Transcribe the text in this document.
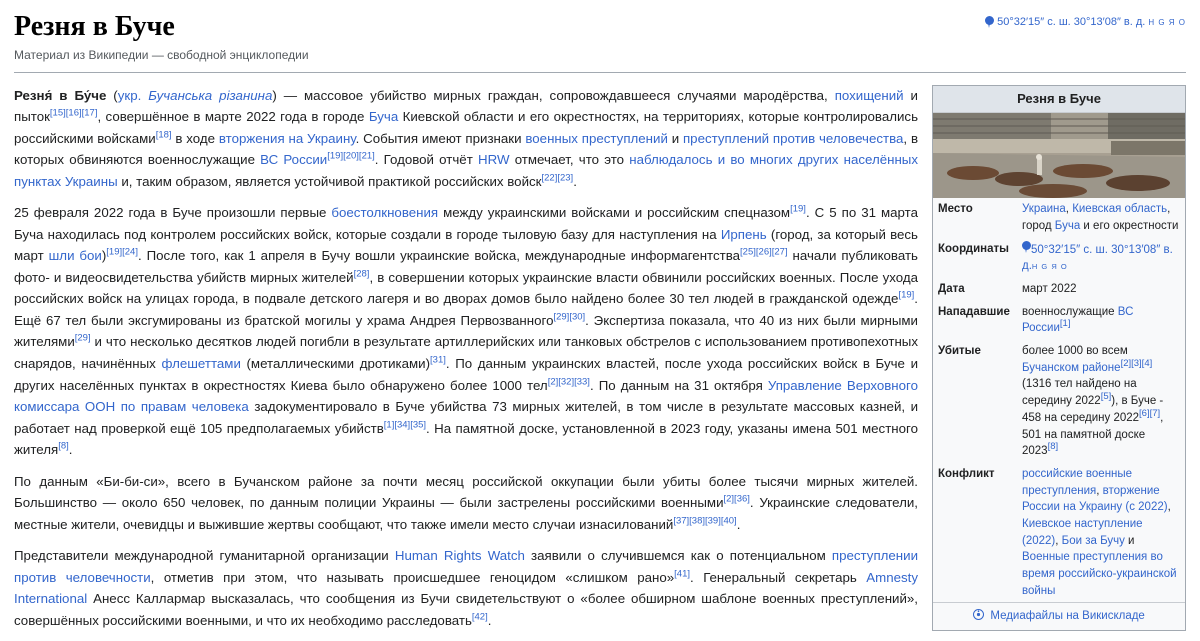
Резня в Буче
Материал из Википедии — свободной энциклопедии
50°32′15″ с. ш. 30°13′08″ в. д. H G Я O

Резня́ в Бу́че (укр. Бучанська різанина) — массовое убийство мирных граждан, сопровождавшееся случаями мародёрства, похищений и пыток[15][16][17], совершённое в марте 2022 года в городе Буча Киевской области и его окрестностях, на территориях, которые контролировались российскими войсками[18] в ходе вторжения на Украину. События имеют признаки военных преступлений и преступлений против человечества, в которых обвиняются военнослужащие ВС России[19][20][21]. Годовой отчёт HRW отмечает, что это наблюдалось и во многих других населённых пунктах Украины и, таким образом, является устойчивой практикой российских войск[22][23].

25 февраля 2022 года в Буче произошли первые боестолкновения между украинскими войсками и российским спецназом[19]. С 5 по 31 марта Буча находилась под контролем российских войск, которые создали в городе тыловую базу для наступления на Ирпень (город, за который весь март шли бои)[19][24]. После того, как 1 апреля в Бучу вошли украинские войска, международные информагентства[25][26][27] начали публиковать фото- и видеосвидетельства убийств мирных жителей[28], в совершении которых украинские власти обвинили российских военных. После ухода российских войск на улицах города, в подвале детского лагеря и во дворах домов было найдено более 30 тел людей в гражданской одежде[19]. Ещё 67 тел были эксгумированы из братской могилы у храма Андрея Первозванного[29][30]. Экспертиза показала, что 40 из них были мирными жителями[29] и что несколько десятков людей погибли в результате артиллерийских или танковых обстрелов с использованием противопехотных снарядов, начинённых флешеттами (металлическими дротиками)[31]. По данным украинских властей, после ухода российских войск в Буче и других населённых пунктах в окрестностях Киева было обнаружено более 1000 тел[2][32][33]. По данным на 31 октября Управление Верховного комиссара ООН по правам человека задокументировало в Буче убийства 73 мирных жителей, в том числе в результате массовых казней, и работает над проверкой ещё 105 предполагаемых убийств[1][34][35]. На памятной доске, установленной в 2023 году, указаны имена 501 местного жителя[8].

По данным «Би-би-си», всего в Бучанском районе за почти месяц российской оккупации были убиты более тысячи мирных жителей. Большинство — около 650 человек, по данным полиции Украины — были застрелены российскими военными[2][36]. Украинские следователи, местные жители, очевидцы и выжившие жертвы сообщают, что также имели место случаи изнасилований[37][38][39][40].

Представители международной гуманитарной организации Human Rights Watch заявили о случившемся как о потенциальном преступлении против человечности, отметив при этом, что называть происшедшее геноцидом «слишком рано»[41]. Генеральный секретарь Amnesty International Анесс Каллармар высказалась, что сообщения из Бучи свидетельствуют о «более обширном шаблоне военных преступлений», совершённых российскими военными, и что их необходимо расследовать[42].

Резня в Буче
Место	Украина, Киевская область, город Буча и его окрестности
Координаты	50°32′15″ с. ш. 30°13′08″ в. д.H G Я O
Дата	март 2022
Нападавшие	военнослужащие ВС России[1]
Убитые	более 1000 во всем Бучанском районе[2][3][4] (1316 тел найдено на середину 2022[5]), в Буче - 458 на середину 2022[6][7], 501 на памятной доске 2023[8]
Конфликт	российские военные преступления, вторжение России на Украину (с 2022), Киевское наступление (2022), Бои за Бучу и Военные преступления во время российско-украинской войны
Медиафайлы на Викискладе
